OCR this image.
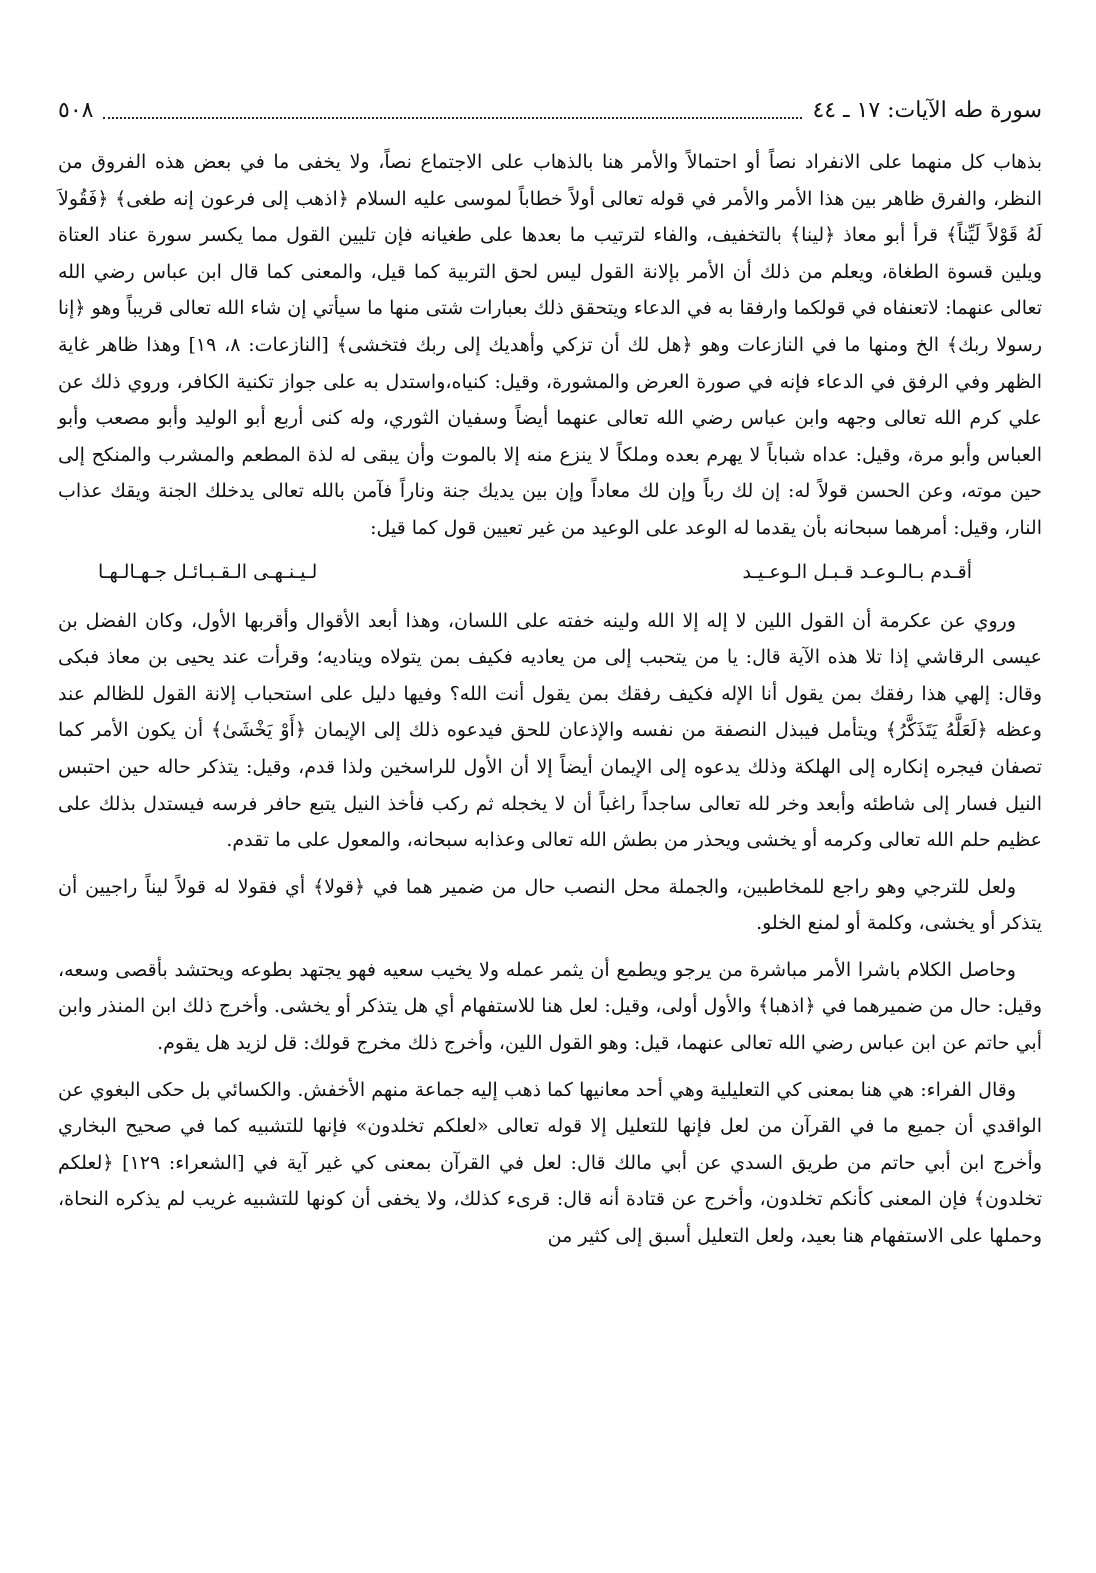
سورة طه الآيات: ١٧ ـ ٤٤
٥٠٨

بذهاب كل منهما على الانفراد نصاً أو احتمالاً والأمر هنا بالذهاب على الاجتماع نصاً، ولا يخفى ما في بعض هذه الفروق من النظر، والفرق ظاهر بين هذا الأمر والأمر في قوله تعالى أولاً خطاباً لموسى عليه السلام ﴿اذهب إلى فرعون إنه طغى﴾ ﴿فَقُولاَ لَهُ قَوْلاً لَيِّناً﴾ قرأ أبو معاذ ﴿لينا﴾ بالتخفيف، والفاء لترتيب ما بعدها على طغيانه فإن تليين القول مما يكسر سورة عناد العتاة ويلين قسوة الطغاة، ويعلم من ذلك أن الأمر بإلانة القول ليس لحق التربية كما قيل، والمعنى كما قال ابن عباس رضي الله تعالى عنهما: لاتعنفاه في قولكما وارفقا به في الدعاء ويتحقق ذلك بعبارات شتى منها ما سيأتي إن شاء الله تعالى قريباً وهو ﴿إنا رسولا ربك﴾ الخ ومنها ما في النازعات وهو ﴿هل لك أن تزكي وأهديك إلى ربك فتخشى﴾ [النازعات: ٨، ١٩] وهذا ظاهر غاية الظهر وفي الرفق في الدعاء فإنه في صورة العرض والمشورة، وقيل: كنياه،واستدل به على جواز تكنية الكافر، وروي ذلك عن علي كرم الله تعالى وجهه وابن عباس رضي الله تعالى عنهما أيضاً وسفيان الثوري، وله كنى أربع أبو الوليد وأبو مصعب وأبو العباس وأبو مرة، وقيل: عداه شباباً لا يهرم بعده وملكاً لا ينزع منه إلا بالموت وأن يبقى له لذة المطعم والمشرب والمنكح إلى حين موته، وعن الحسن قولاً له: إن لك رباً وإن لك معاداً وإن بين يديك جنة وناراً فآمن بالله تعالى يدخلك الجنة ويقك عذاب النار، وقيل: أمرهما سبحانه بأن يقدما له الوعد على الوعيد من غير تعيين قول كما قيل:

أقـدم بـالـوعـد قـبـل الـوعـيـد
لـيـنـهـى الـقـبـائـل جـهـالـهـا

وروي عن عكرمة أن القول اللين لا إله إلا الله ولينه خفته على اللسان، وهذا أبعد الأقوال وأقربها الأول، وكان الفضل بن عيسى الرقاشي إذا تلا هذه الآية قال: يا من يتحبب إلى من يعاديه فكيف بمن يتولاه ويناديه؛ وقرأت عند يحيى بن معاذ فبكى وقال: إلهي هذا رفقك بمن يقول أنا الإله فكيف رفقك بمن يقول أنت الله؟ وفيها دليل على استحباب إلانة القول للظالم عند وعظه ﴿لَعَلَّهُ يَتَذَكَّرُ﴾ ويتأمل فيبذل النصفة من نفسه والإذعان للحق فيدعوه ذلك إلى الإيمان ﴿أَوْ يَخْشَىٰ﴾ أن يكون الأمر كما تصفان فيجره إنكاره إلى الهلكة وذلك يدعوه إلى الإيمان أيضاً إلا أن الأول للراسخين ولذا قدم، وقيل: يتذكر حاله حين احتبس النيل فسار إلى شاطئه وأبعد وخر لله تعالى ساجداً راغباً أن لا يخجله ثم ركب فأخذ النيل يتبع حافر فرسه فيستدل بذلك على عظيم حلم الله تعالى وكرمه أو يخشى ويحذر من بطش الله تعالى وعذابه سبحانه، والمعول على ما تقدم.

ولعل للترجي وهو راجع للمخاطبين، والجملة محل النصب حال من ضمير هما في ﴿قولا﴾ أي فقولا له قولاً ليناً راجيين أن يتذكر أو يخشى، وكلمة أو لمنع الخلو.

وحاصل الكلام باشرا الأمر مباشرة من يرجو ويطمع أن يثمر عمله ولا يخيب سعيه فهو يجتهد بطوعه ويحتشد بأقصى وسعه، وقيل: حال من ضميرهما في ﴿اذهبا﴾ والأول أولى، وقيل: لعل هنا للاستفهام أي هل يتذكر أو يخشى. وأخرج ذلك ابن المنذر وابن أبي حاتم عن ابن عباس رضي الله تعالى عنهما، قيل: وهو القول اللين، وأخرج ذلك مخرج قولك: قل لزيد هل يقوم.

وقال الفراء: هي هنا بمعنى كي التعليلية وهي أحد معانيها كما ذهب إليه جماعة منهم الأخفش. والكسائي بل حكى البغوي عن الواقدي أن جميع ما في القرآن من لعل فإنها للتعليل إلا قوله تعالى «لعلكم تخلدون» فإنها للتشبيه كما في صحيح البخاري وأخرج ابن أبي حاتم من طريق السدي عن أبي مالك قال: لعل في القرآن بمعنى كي غير آية في [الشعراء: ١٢٩] ﴿لعلكم تخلدون﴾ فإن المعنى كأنكم تخلدون، وأخرج عن قتادة أنه قال: قرىء كذلك، ولا يخفى أن كونها للتشبيه غريب لم يذكره النحاة، وحملها على الاستفهام هنا بعيد، ولعل التعليل أسبق إلى كثير من
